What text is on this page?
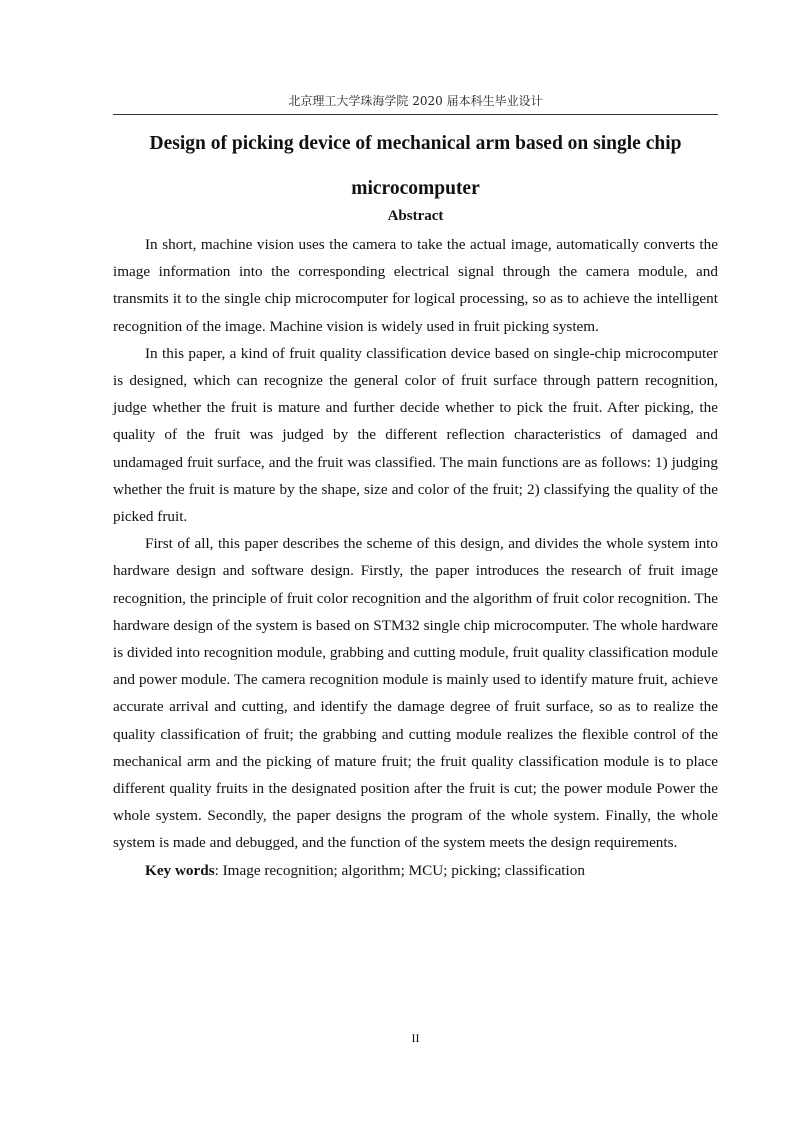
北京理工大学珠海学院 2020 届本科生毕业设计
Design of picking device of mechanical arm based on single chip microcomputer
Abstract

In short, machine vision uses the camera to take the actual image, automatically converts the image information into the corresponding electrical signal through the camera module, and transmits it to the single chip microcomputer for logical processing, so as to achieve the intelligent recognition of the image. Machine vision is widely used in fruit picking system.

In this paper, a kind of fruit quality classification device based on single-chip microcomputer is designed, which can recognize the general color of fruit surface through pattern recognition, judge whether the fruit is mature and further decide whether to pick the fruit. After picking, the quality of the fruit was judged by the different reflection characteristics of damaged and undamaged fruit surface, and the fruit was classified. The main functions are as follows: 1) judging whether the fruit is mature by the shape, size and color of the fruit; 2) classifying the quality of the picked fruit.

First of all, this paper describes the scheme of this design, and divides the whole system into hardware design and software design. Firstly, the paper introduces the research of fruit image recognition, the principle of fruit color recognition and the algorithm of fruit color recognition. The hardware design of the system is based on STM32 single chip microcomputer. The whole hardware is divided into recognition module, grabbing and cutting module, fruit quality classification module and power module. The camera recognition module is mainly used to identify mature fruit, achieve accurate arrival and cutting, and identify the damage degree of fruit surface, so as to realize the quality classification of fruit; the grabbing and cutting module realizes the flexible control of the mechanical arm and the picking of mature fruit; the fruit quality classification module is to place different quality fruits in the designated position after the fruit is cut; the power module Power the whole system. Secondly, the paper designs the program of the whole system. Finally, the whole system is made and debugged, and the function of the system meets the design requirements.

Key words: Image recognition; algorithm; MCU; picking; classification

II
